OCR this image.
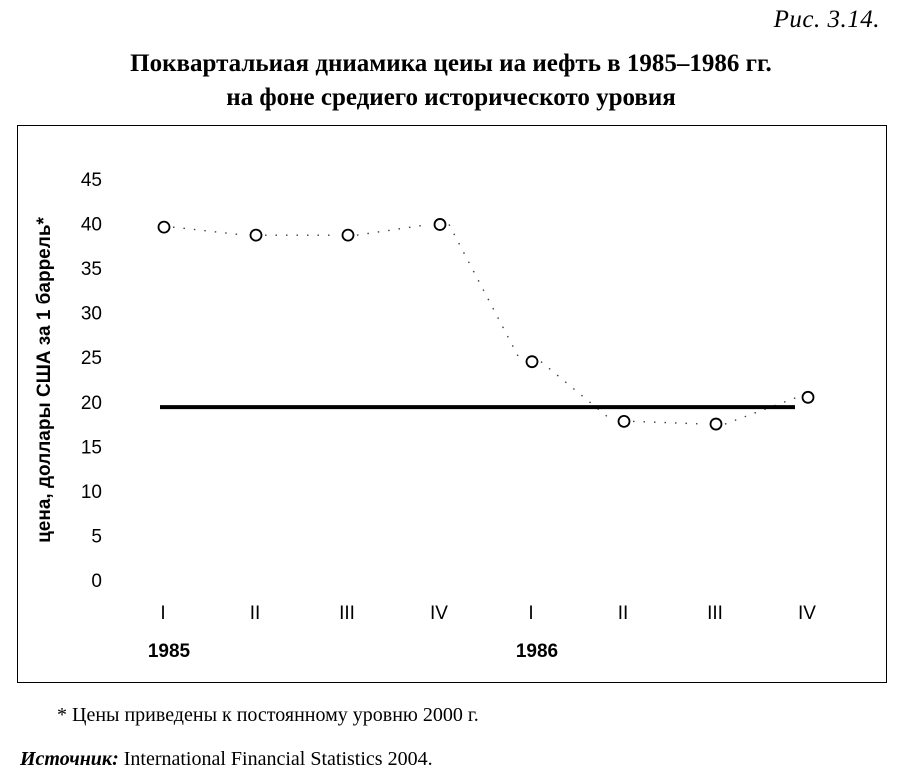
Рис. 3.14.
Поквартальиая дниамика цеиы иа иефть в 1985–1986 гг.
на фоне средиего историческото уровия
цена, доллары США за 1 баррель*
0
5
10
15
20
25
30
35
40
45
I	II	III	IV	I	II	III	IV
1985	1986
* Цены приведены к постоянному уровню 2000 г.
Источник: International Financial Statistics 2004.
